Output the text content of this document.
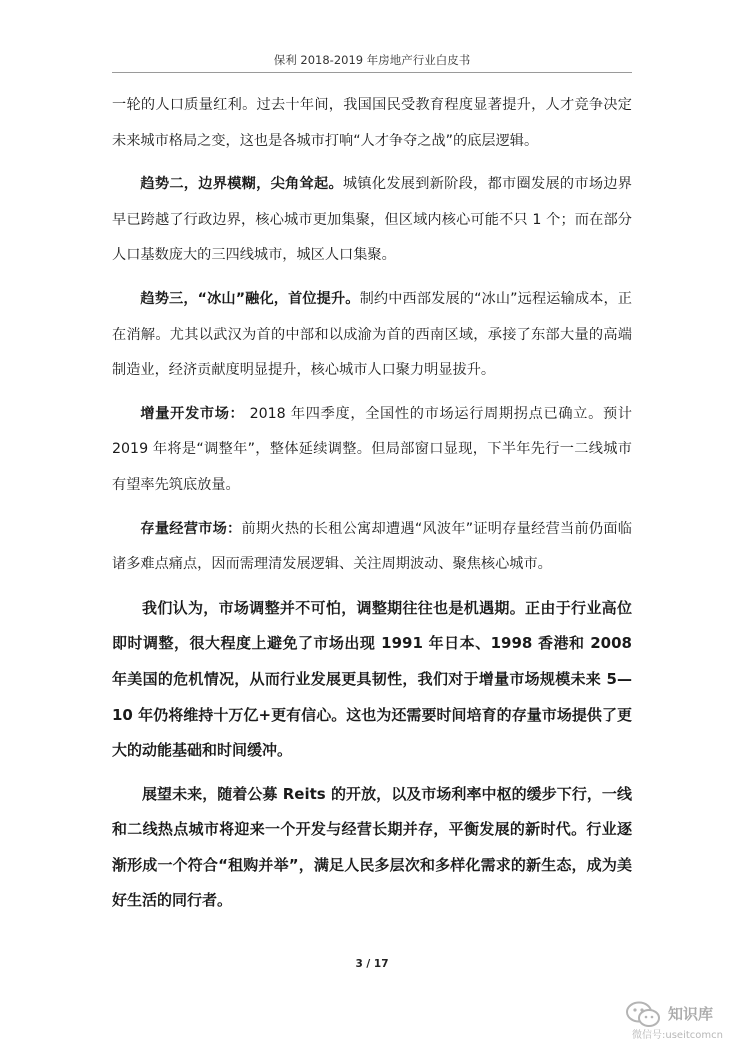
保利 2018-2019 年房地产行业白皮书

一轮的人口质量红利。过去十年间，我国国民受教育程度显著提升，人才竞争决定未来城市格局之变，这也是各城市打响“人才争夺之战”的底层逻辑。

趋势二，边界模糊，尖角耸起。城镇化发展到新阶段，都市圈发展的市场边界早已跨越了行政边界，核心城市更加集聚，但区域内核心可能不只 1 个；而在部分人口基数庞大的三四线城市，城区人口集聚。

趋势三，“冰山”融化，首位提升。制约中西部发展的“冰山”远程运输成本，正在消解。尤其以武汉为首的中部和以成渝为首的西南区域，承接了东部大量的高端制造业，经济贡献度明显提升，核心城市人口聚力明显拔升。

增量开发市场： 2018 年四季度，全国性的市场运行周期拐点已确立。预计 2019 年将是“调整年”，整体延续调整。但局部窗口显现，下半年先行一二线城市有望率先筑底放量。

存量经营市场：前期火热的长租公寓却遭遇“风波年”证明存量经营当前仍面临诸多难点痛点，因而需理清发展逻辑、关注周期波动、聚焦核心城市。

我们认为，市场调整并不可怕，调整期往往也是机遇期。正由于行业高位即时调整，很大程度上避免了市场出现 1991 年日本、1998 香港和 2008 年美国的危机情况，从而行业发展更具韧性，我们对于增量市场规模未来 5—10 年仍将维持十万亿+更有信心。这也为还需要时间培育的存量市场提供了更大的动能基础和时间缓冲。

展望未来，随着公募 Reits 的开放，以及市场利率中枢的缓步下行，一线和二线热点城市将迎来一个开发与经营长期并存，平衡发展的新时代。行业逐渐形成一个符合“租购并举”，满足人民多层次和多样化需求的新生态，成为美好生活的同行者。

3 / 17
知识库
微信号:useitcomcn
